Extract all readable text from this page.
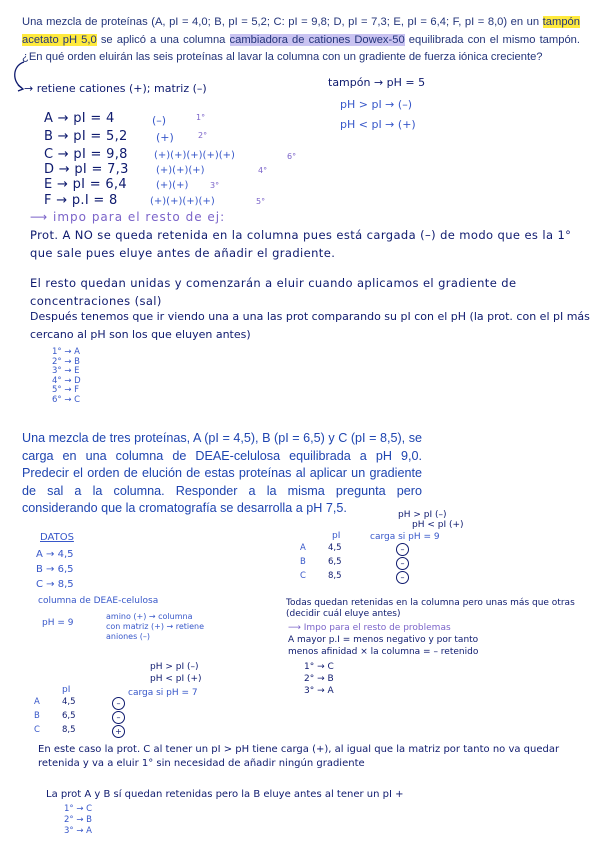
Una mezcla de proteínas (A, pI = 4,0; B, pI = 5,2; C: pI = 9,8; D, pI = 7,3; E, pI = 6,4; F, pI = 8,0) en un tampón acetato pH 5,0 se aplicó a una columna cambiadora de cationes Dowex-50 equilibrada con el mismo tampón. ¿En qué orden eluirán las seis proteínas al lavar la columna con un gradiente de fuerza iónica creciente?
→ retiene cationes (+); matriz (–)	tampón → pH = 5
pH > pI → (–)
pH < pI → (+)
A → pI = 4	(–)	1°
B → pI = 5,2	(+)	2°
C → pI = 9,8	(+)(+)(+)(+)(+)	6°
D → pI = 7,3	(+)(+)(+)	4°
E → pI = 6,4	(+)(+)	3°
F → p.I = 8	(+)(+)(+)(+)	5°
⟶ impo para el resto de ej:
Prot. A NO se queda retenida en la columna pues está cargada (–) de modo que es la 1° que sale pues eluye antes de añadir el gradiente.
El resto quedan unidas y comenzarán a eluir cuando aplicamos el gradiente de concentraciones (sal)
Después tenemos que ir viendo una a una las prot comparando su pI con el pH (la prot. con el pI más cercano al pH son los que eluyen antes)
1° → A
2° → B
3° → E
4° → D
5° → F
6° → C
Una mezcla de tres proteínas, A (pI = 4,5), B (pI = 6,5) y C (pI = 8,5), se carga en una columna de DEAE-celulosa equilibrada a pH 9,0. Predecir el orden de elución de estas proteínas al aplicar un gradiente de sal a la columna. Responder a la misma pregunta pero considerando que la cromatografía se desarrolla a pH 7,5.	pH > pI (–)
pH < pI (+)
DATOS
A → 4,5
B → 6,5
C → 8,5
pI	carga si pH = 9
A	4,5	–
B	6,5	–
C	8,5	–
columna de DEAE-celulosa
pH = 9
amino (+) → columna
con matriz (+) → retiene
aniones (–)
Todas quedan retenidas en la columna pero unas más que otras (decidir cuál eluye antes)
⟶ Impo para el resto de problemas
A mayor p.I = menos negativo y por tanto
menos afinidad × la columna = – retenido
1° → C
2° → B
3° → A
pH > pI (–)
pH < pI (+)
pI	carga si pH = 7
A	4,5	–
B	6,5	–
C	8,5	+
En este caso la prot. C al tener un pI > pH tiene carga (+), al igual que la matriz por tanto no va quedar retenida y va a eluir 1° sin necesidad de añadir ningún gradiente
La prot A y B sí quedan retenidas pero la B eluye antes al tener un pI +
1° → C
2° → B
3° → A
